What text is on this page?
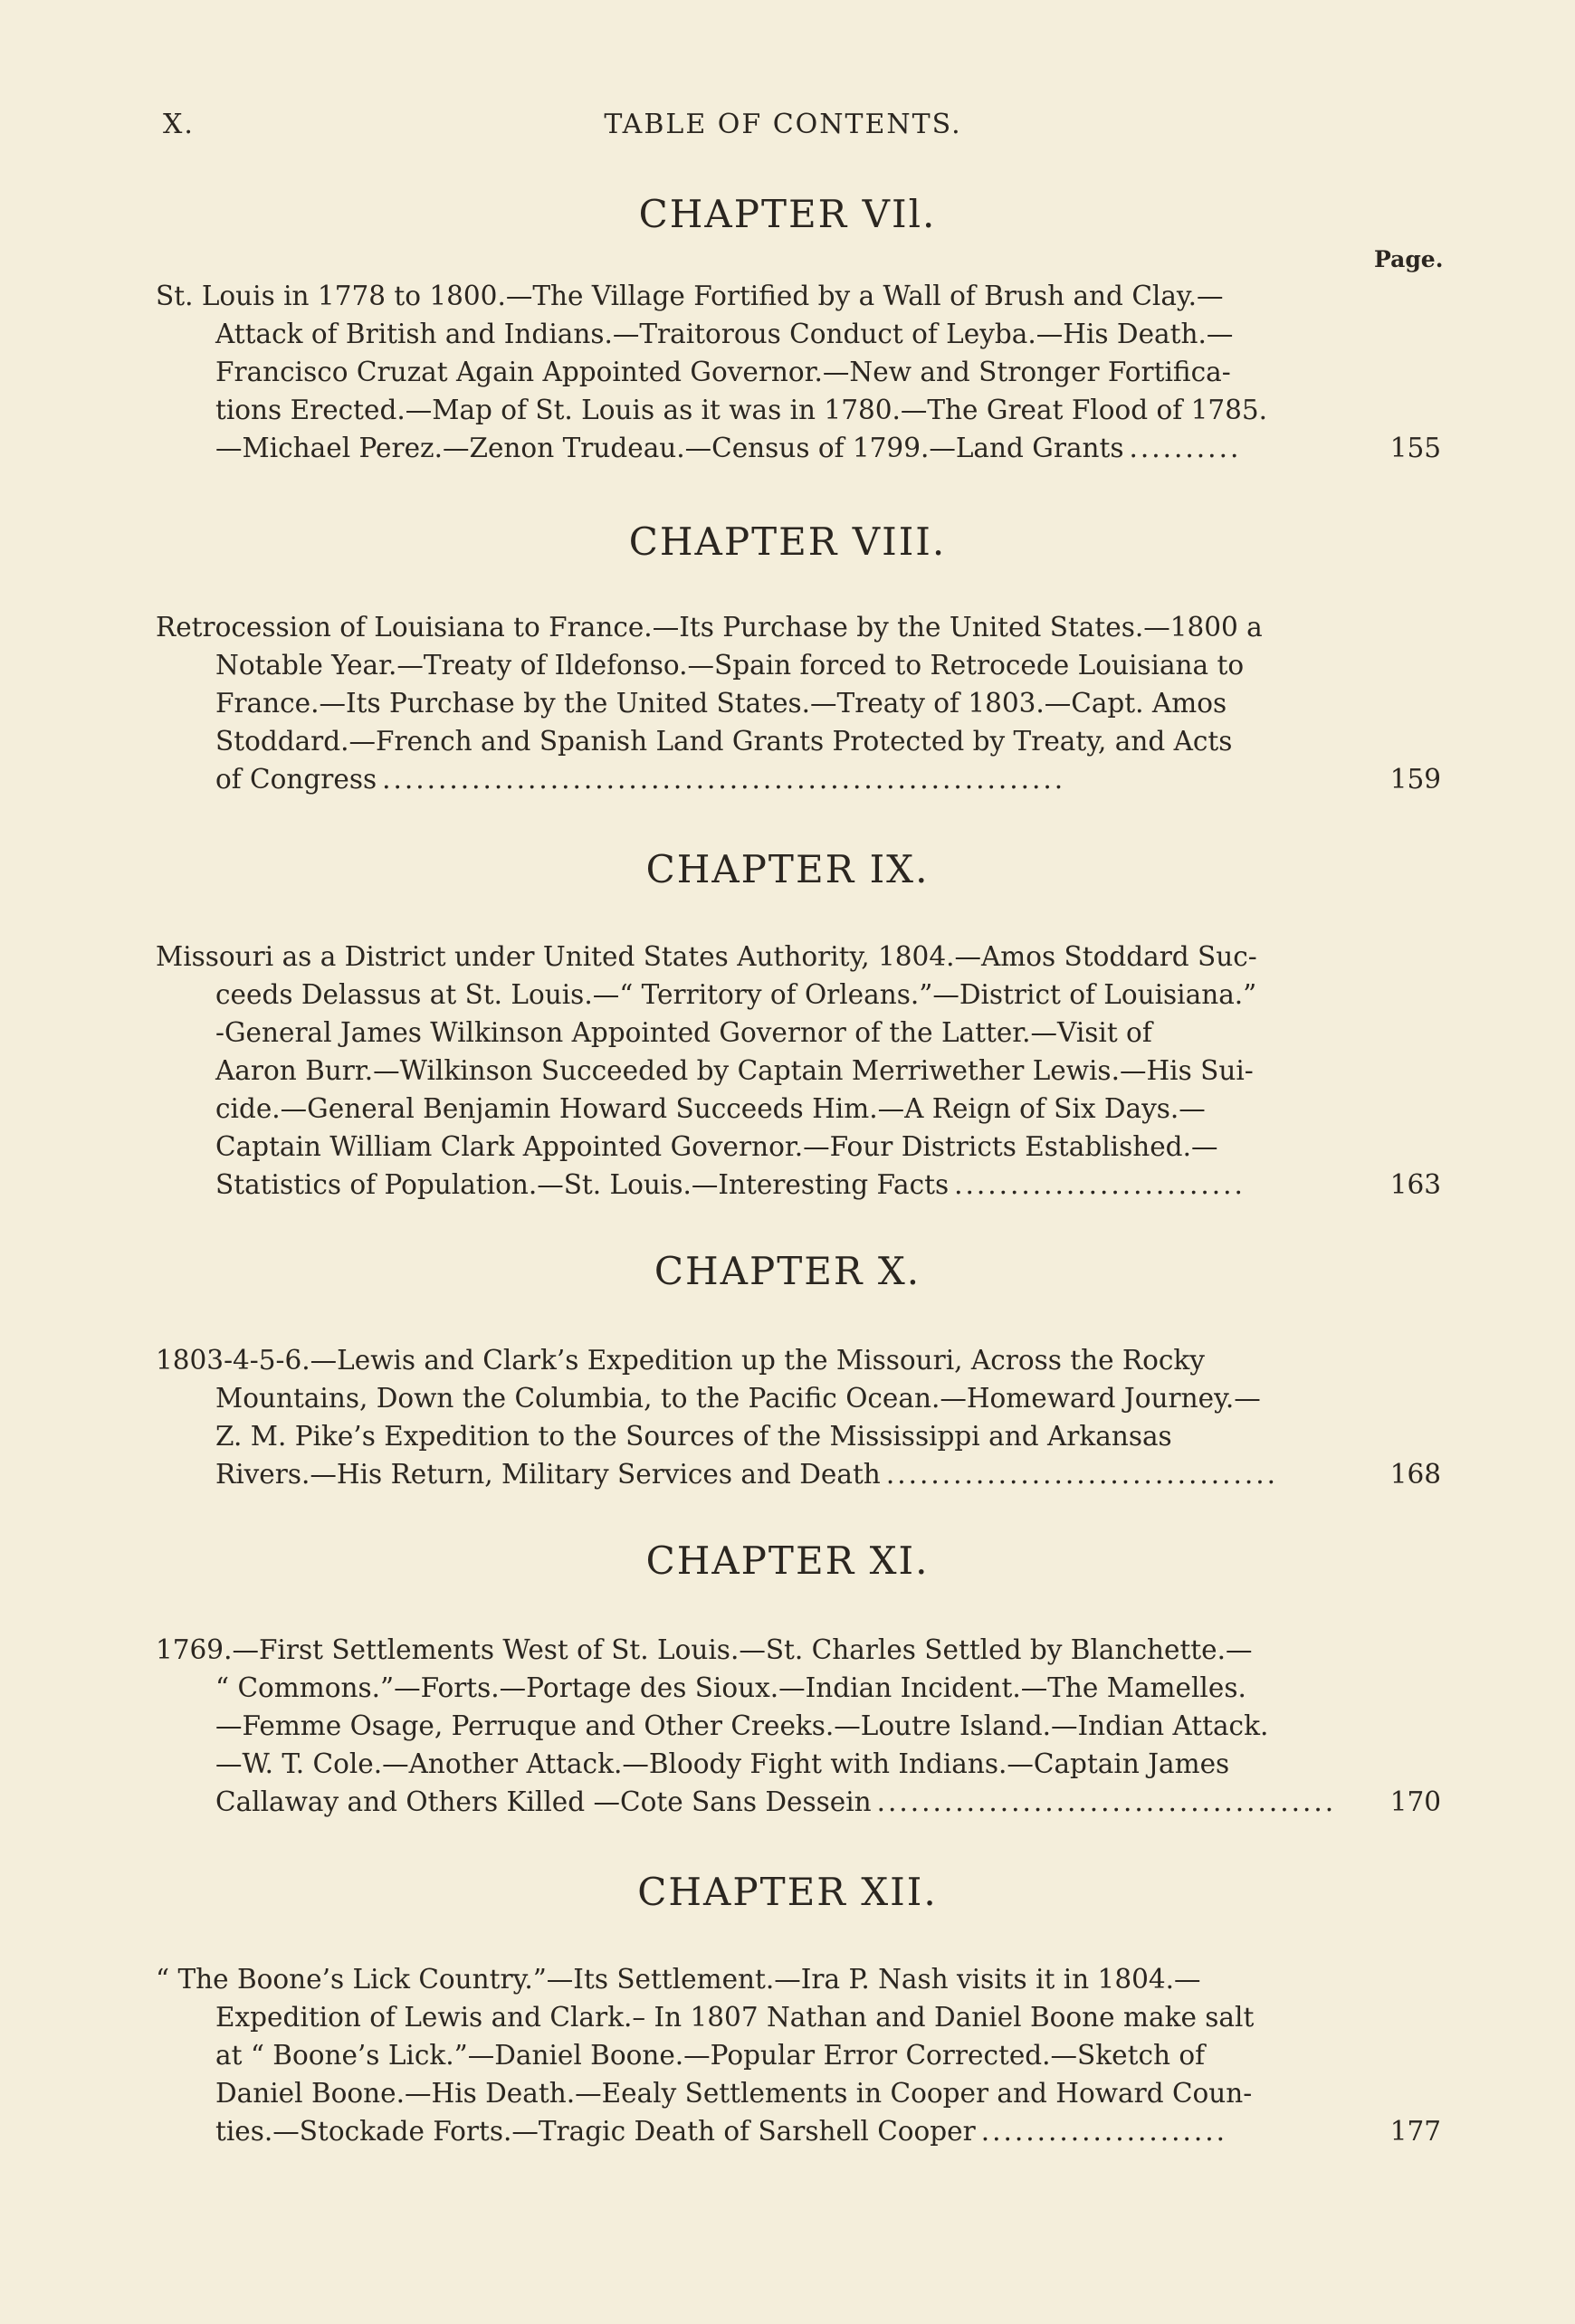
X.	TABLE OF CONTENTS.
Page.
CHAPTER VIl.
St. Louis in 1778 to 1800.—The Village Fortified by a Wall of Brush and Clay.—
Attack of British and Indians.—Traitorous Conduct of Leyba.—His Death.—
Francisco Cruzat Again Appointed Governor.—New and Stronger Fortifica-
tions Erected.—Map of St. Louis as it was in 1780.—The Great Flood of 1785.
—Michael Perez.—Zenon Trudeau.—Census of 1799.—Land Grants ..........	155
CHAPTER VIII.
Retrocession of Louisiana to France.—Its Purchase by the United States.—1800 a
Notable Year.—Treaty of Ildefonso.—Spain forced to Retrocede Louisiana to
France.—Its Purchase by the United States.—Treaty of 1803.—Capt. Amos
Stoddard.—French and Spanish Land Grants Protected by Treaty, and Acts
of Congress .............................................................	159
CHAPTER IX.
Missouri as a District under United States Authority, 1804.—Amos Stoddard Suc-
ceeds Delassus at St. Louis.—“ Territory of Orleans.”—District of Louisiana.”
-General James Wilkinson Appointed Governor of the Latter.—Visit of
Aaron Burr.—Wilkinson Succeeded by Captain Merriwether Lewis.—His Sui-
cide.—General Benjamin Howard Succeeds Him.—A Reign of Six Days.—
Captain William Clark Appointed Governor.—Four Districts Established.—
Statistics of Population.—St. Louis.—Interesting Facts ..........................	163
CHAPTER X.
1803-4-5-6.—Lewis and Clark’s Expedition up the Missouri, Across the Rocky
Mountains, Down the Columbia, to the Pacific Ocean.—Homeward Journey.—
Z. M. Pike’s Expedition to the Sources of the Mississippi and Arkansas
Rivers.—His Return, Military Services and Death ...................................	168
CHAPTER XI.
1769.—First Settlements West of St. Louis.—St. Charles Settled by Blanchette.—
“ Commons.”—Forts.—Portage des Sioux.—Indian Incident.—The Mamelles.
—Femme Osage, Perruque and Other Creeks.—Loutre Island.—Indian Attack.
—W. T. Cole.—Another Attack.—Bloody Fight with Indians.—Captain James
Callaway and Others Killed —Cote Sans Dessein .........................................	170
CHAPTER XII.
“ The Boone’s Lick Country.”—Its Settlement.—Ira P. Nash visits it in 1804.—
Expedition of Lewis and Clark.– In 1807 Nathan and Daniel Boone make salt
at “ Boone’s Lick.”—Daniel Boone.—Popular Error Corrected.—Sketch of
Daniel Boone.—His Death.—Eealy Settlements in Cooper and Howard Coun-
ties.—Stockade Forts.—Tragic Death of Sarshell Cooper ......................	177
